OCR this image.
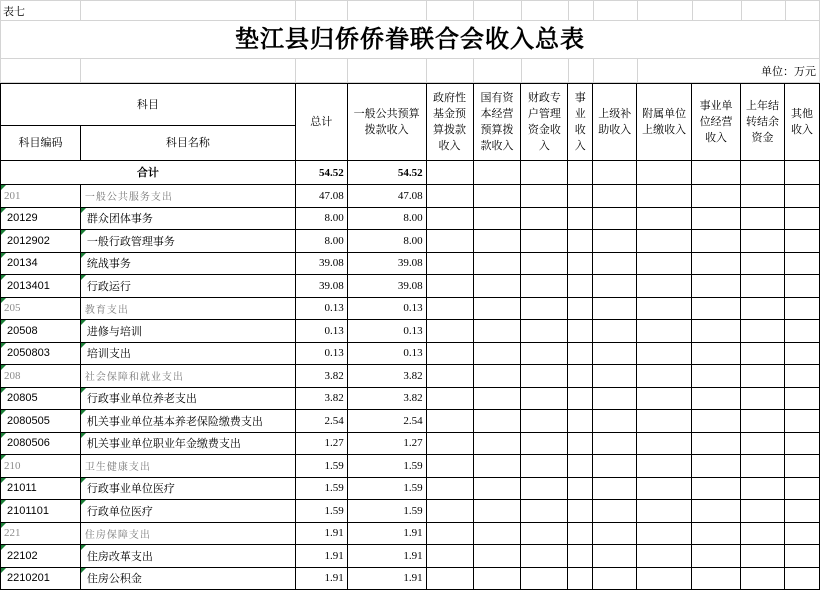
表七
垫江县归侨侨眷联合会收入总表
单位：万元
科目		总计	一般公共预算拨款收入	政府性基金预算拨款收入	国有资本经营预算拨款收入	财政专户管理资金收入	事业收入	上级补助收入	附属单位上缴收入	事业单位经营收入	上年结转结余资金	其他收入
科目编码	科目名称											
合计		54.52	54.52									

201	一般公共服务支出	47.08	47.08									

20129	群众团体事务	8.00	8.00									

2012902	一般行政管理事务	8.00	8.00									

20134	统战事务	39.08	39.08									

2013401	行政运行	39.08	39.08									

205	教育支出	0.13	0.13									

20508	进修与培训	0.13	0.13									

2050803	培训支出	0.13	0.13									

208	社会保障和就业支出	3.82	3.82									

20805	行政事业单位养老支出	3.82	3.82									

2080505	机关事业单位基本养老保险缴费支出	2.54	2.54									

2080506	机关事业单位职业年金缴费支出	1.27	1.27									

210	卫生健康支出	1.59	1.59									

21011	行政事业单位医疗	1.59	1.59									

2101101	行政单位医疗	1.59	1.59									

221	住房保障支出	1.91	1.91									

22102	住房改革支出	1.91	1.91									

2210201	住房公积金	1.91	1.91									
